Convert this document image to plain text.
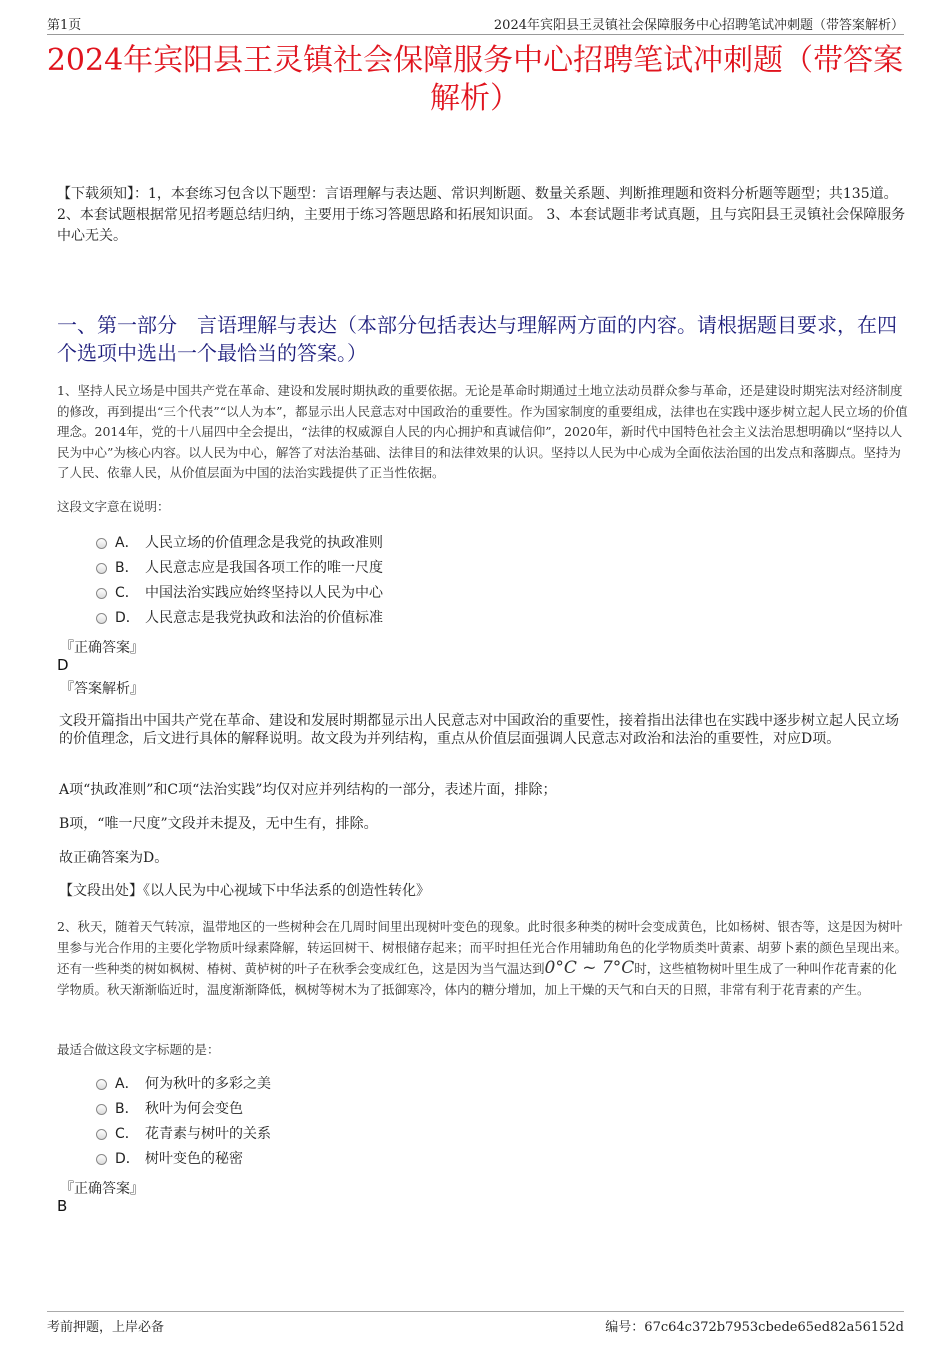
第1页	2024年宾阳县王灵镇社会保障服务中心招聘笔试冲刺题（带答案解析）
2024年宾阳县王灵镇社会保障服务中心招聘笔试冲刺题（带答案解析）
【下载须知】：1，本套练习包含以下题型：言语理解与表达题、常识判断题、数量关系题、判断推理题和资料分析题等题型；共135道。 2、本套试题根据常见招考题总结归纳，主要用于练习答题思路和拓展知识面。 3、本套试题非考试真题，且与宾阳县王灵镇社会保障服务中心无关。
一、第一部分　言语理解与表达（本部分包括表达与理解两方面的内容。请根据题目要求，在四个选项中选出一个最恰当的答案。）
1、坚持人民立场是中国共产党在革命、建设和发展时期执政的重要依据。无论是革命时期通过土地立法动员群众参与革命，还是建设时期宪法对经济制度的修改，再到提出“三个代表”“以人为本”，都显示出人民意志对中国政治的重要性。作为国家制度的重要组成，法律也在实践中逐步树立起人民立场的价值理念。2014年，党的十八届四中全会提出，“法律的权威源自人民的内心拥护和真诚信仰”，2020年，新时代中国特色社会主义法治思想明确以“坚持以人民为中心”为核心内容。以人民为中心，解答了对法治基础、法律目的和法律效果的认识。坚持以人民为中心成为全面依法治国的出发点和落脚点。坚持为了人民、依靠人民，从价值层面为中国的法治实践提供了正当性依据。
这段文字意在说明：
A． 人民立场的价值理念是我党的执政准则
B． 人民意志应是我国各项工作的唯一尺度
C． 中国法治实践应始终坚持以人民为中心
D． 人民意志是我党执政和法治的价值标准
『正确答案』
D
『答案解析』
文段开篇指出中国共产党在革命、建设和发展时期都显示出人民意志对中国政治的重要性，接着指出法律也在实践中逐步树立起人民立场的价值理念，后文进行具体的解释说明。故文段为并列结构，重点从价值层面强调人民意志对政治和法治的重要性，对应D项。
A项“执政准则”和C项“法治实践”均仅对应并列结构的一部分，表述片面，排除；
B项，“唯一尺度”文段并未提及，无中生有，排除。
故正确答案为D。
【文段出处】《以人民为中心视域下中华法系的创造性转化》
2、秋天，随着天气转凉，温带地区的一些树种会在几周时间里出现树叶变色的现象。此时很多种类的树叶会变成黄色，比如杨树、银杏等，这是因为树叶里参与光合作用的主要化学物质叶绿素降解，转运回树干、树根储存起来；而平时担任光合作用辅助角色的化学物质类叶黄素、胡萝卜素的颜色呈现出来。还有一些种类的树如枫树、椿树、黄栌树的叶子在秋季会变成红色，这是因为当气温达到0°C ~ 7°C时，这些植物树叶里生成了一种叫作花青素的化学物质。秋天渐渐临近时，温度渐渐降低，枫树等树木为了抵御寒冷，体内的糖分增加，加上干燥的天气和白天的日照，非常有利于花青素的产生。
最适合做这段文字标题的是：
A． 何为秋叶的多彩之美
B． 秋叶为何会变色
C． 花青素与树叶的关系
D． 树叶变色的秘密
『正确答案』
B
考前押题，上岸必备	编号：67c64c372b7953cbede65ed82a56152d
